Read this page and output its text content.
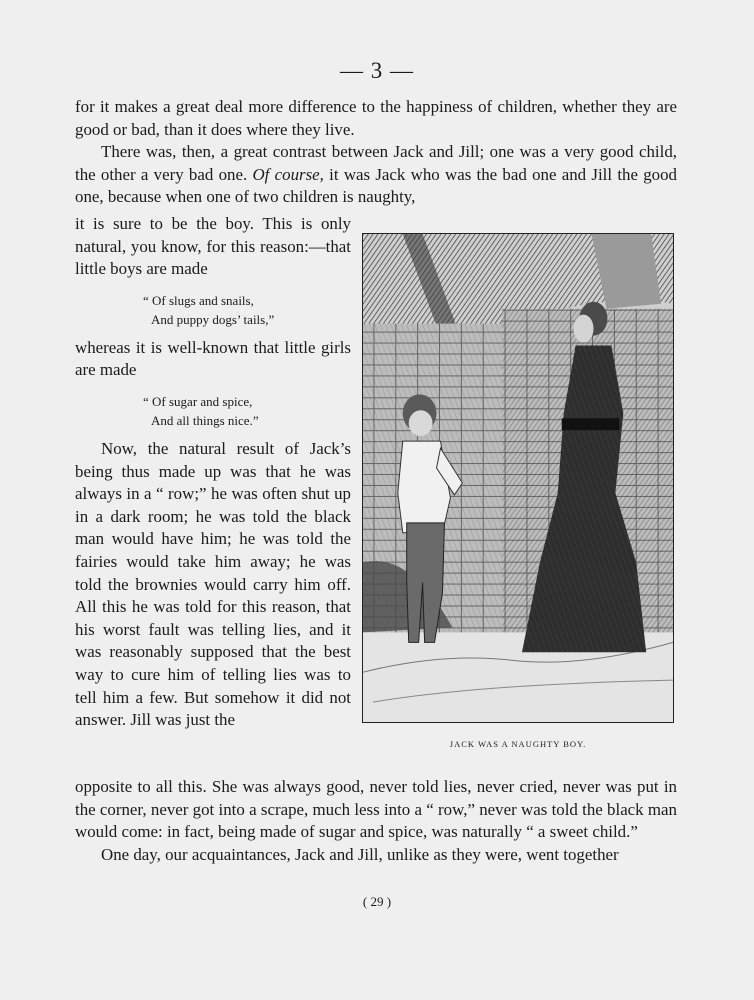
— 3 —

for it makes a great deal more difference to the happiness of children, whether they are good or bad, than it does where they live.

There was, then, a great contrast between Jack and Jill; one was a very good child, the other a very bad one. Of course, it was Jack who was the bad one and Jill the good one, because when one of two children is naughty,

it is sure to be the boy. This is only natural, you know, for this reason:—that little boys are made

“ Of slugs and snails,
And puppy dogs’ tails,”

whereas it is well-known that little girls are made

“ Of sugar and spice,
And all things nice.”

Now, the natural result of Jack’s being thus made up was that he was always in a “ row;” he was often shut up in a dark room; he was told the black man would have him; he was told the fairies would take him away; he was told the brownies would carry him off. All this he was told for this reason, that his worst fault was telling lies, and it was reasonably supposed that the best way to cure him of telling lies was to tell him a few. But somehow it did not answer. Jill was just the

JACK WAS A NAUGHTY BOY.

opposite to all this. She was always good, never told lies, never cried, never was put in the corner, never got into a scrape, much less into a “ row,” never was told the black man would come: in fact, being made of sugar and spice, was naturally “ a sweet child.”

One day, our acquaintances, Jack and Jill, unlike as they were, went together

( 29 )
